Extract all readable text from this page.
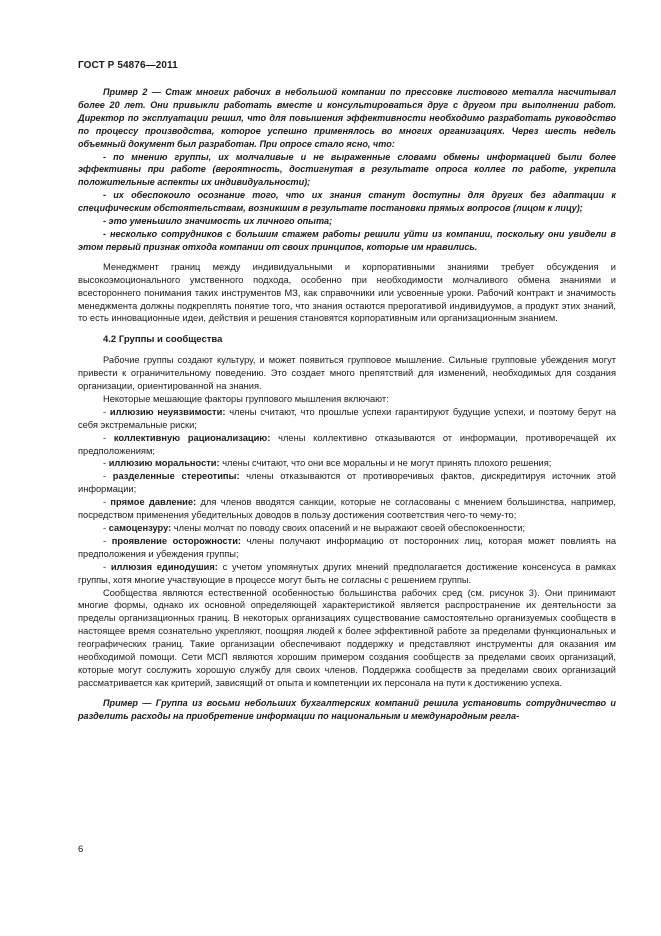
ГОСТ Р 54876—2011

Пример 2 — Стаж многих рабочих в небольшой компании по прессовке листового металла насчитывал более 20 лет. Они привыкли работать вместе и консультироваться друг с другом при выполнении работ. Директор по эксплуатации решил, что для повышения эффективности необходимо разработать руководство по процессу производства, которое успешно применялось во многих организациях. Через шесть недель объемный документ был разработан. При опросе стало ясно, что:

- по мнению группы, их молчаливые и не выраженные словами обмены информацией были более эффективны при работе (вероятность, достигнутая в результате опроса коллег по работе, укрепила положительные аспекты их индивидуальности);

- их обеспокоило осознание того, что их знания станут доступны для других без адаптации к специфическим обстоятельствам, возникшим в результате постановки прямых вопросов (лицом к лицу);

- это уменьшило значимость их личного опыта;

- несколько сотрудников с большим стажем работы решили уйти из компании, поскольку они увидели в этом первый признак отхода компании от своих принципов, которые им нравились.

Менеджмент границ между индивидуальными и корпоративными знаниями требует обсуждения и высокоэмоционального умственного подхода, особенно при необходимости молчаливого обмена знаниями и всестороннего понимания таких инструментов МЗ, как справочники или усвоенные уроки. Рабочий контракт и значимость менеджмента должны подкреплять понятие того, что знания остаются прерогативой индивидуумов, а продукт этих знаний, то есть инновационные идеи, действия и решения становятся корпоративным или организационным знанием.

4.2 Группы и сообщества

Рабочие группы создают культуру, и может появиться групповое мышление. Сильные групповые убеждения могут привести к ограничительному поведению. Это создает много препятствий для изменений, необходимых для создания организации, ориентированной на знания.

Некоторые мешающие факторы группового мышления включают:

- иллюзию неуязвимости: члены считают, что прошлые успехи гарантируют будущие успехи, и поэтому берут на себя экстремальные риски;

- коллективную рационализацию: члены коллективно отказываются от информации, противоречащей их предположениям;

- иллюзию моральности: члены считают, что они все моральны и не могут принять плохого решения;

- разделенные стереотипы: члены отказываются от противоречивых фактов, дискредитируя источник этой информации;

- прямое давление: для членов вводятся санкции, которые не согласованы с мнением большинства, например, посредством применения убедительных доводов в пользу достижения соответствия чего-то чему-то;

- самоцензуру: члены молчат по поводу своих опасений и не выражают своей обеспокоенности;

- проявление осторожности: члены получают информацию от посторонних лиц, которая может повлиять на предположения и убеждения группы;

- иллюзия единодушия: с учетом упомянутых других мнений предполагается достижение консенсуса в рамках группы, хотя многие участвующие в процессе могут быть не согласны с решением группы.

Сообщества являются естественной особенностью большинства рабочих сред (см. рисунок 3). Они принимают многие формы, однако их основной определяющей характеристикой является распространение их деятельности за пределы организационных границ. В некоторых организациях существование самостоятельно организуемых сообществ в настоящее время сознательно укрепляют, поощряя людей к более эффективной работе за пределами функциональных и географических границ. Такие организации обеспечивают поддержку и представляют инструменты для оказания им необходимой помощи. Сети МСП являются хорошим примером создания сообществ за пределами своих организаций, которые могут сослужить хорошую службу для своих членов. Поддержка сообществ за пределами своих организаций рассматривается как критерий, зависящий от опыта и компетенции их персонала на пути к достижению успеха.

Пример — Группа из восьми небольших бухгалтерских компаний решила установить сотрудничество и разделить расходы на приобретение информации по национальным и международным регла-

6
